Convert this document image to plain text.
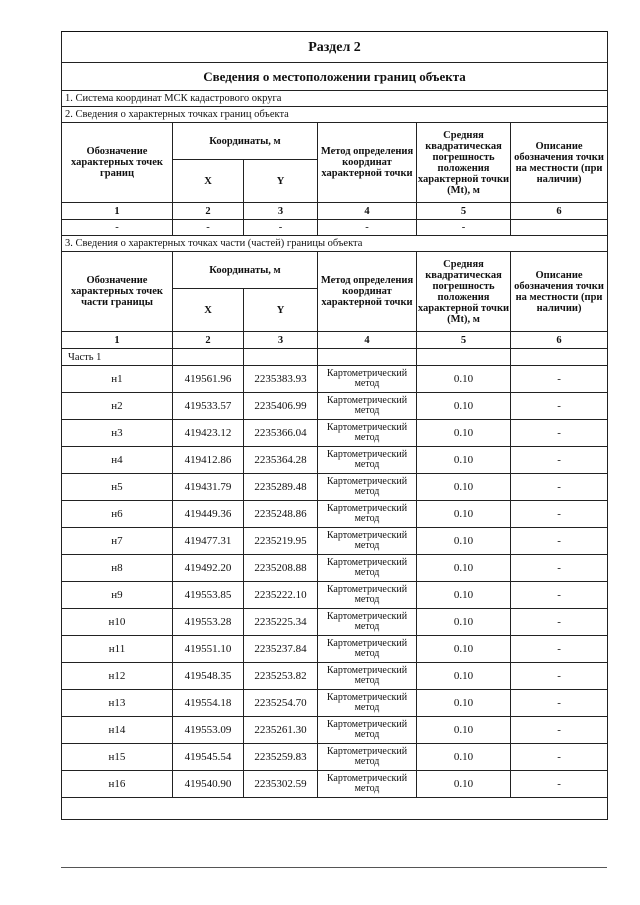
Раздел 2					
Сведения о местоположении границ объекта					
1. Система координат МСК кадастрового округа					
2. Сведения о характерных точках границ объекта					
Обозначение характерных точек границ	Координаты, м		Метод определения координат характерной точки	Средняя квадратическая погрешность положения характерной точки (Mt), м	Описание обозначения точки на местности (при наличии)
	X	Y			
1	2	3	4	5	6
-	-	-	-	-	
3. Сведения о характерных точках части (частей) границы объекта					
Обозначение характерных точек части границы	Координаты, м		Метод определения координат характерной точки	Средняя квадратическая погрешность положения характерной точки (Mt), м	Описание обозначения точки на местности (при наличии)
	X	Y			
1	2	3	4	5	6
Часть 1					
н1	419561.96	2235383.93	Картометрический метод	0.10	-
н2	419533.57	2235406.99	Картометрический метод	0.10	-
н3	419423.12	2235366.04	Картометрический метод	0.10	-
н4	419412.86	2235364.28	Картометрический метод	0.10	-
н5	419431.79	2235289.48	Картометрический метод	0.10	-
н6	419449.36	2235248.86	Картометрический метод	0.10	-
н7	419477.31	2235219.95	Картометрический метод	0.10	-
н8	419492.20	2235208.88	Картометрический метод	0.10	-
н9	419553.85	2235222.10	Картометрический метод	0.10	-
н10	419553.28	2235225.34	Картометрический метод	0.10	-
н11	419551.10	2235237.84	Картометрический метод	0.10	-
н12	419548.35	2235253.82	Картометрический метод	0.10	-
н13	419554.18	2235254.70	Картометрический метод	0.10	-
н14	419553.09	2235261.30	Картометрический метод	0.10	-
н15	419545.54	2235259.83	Картометрический метод	0.10	-
н16	419540.90	2235302.59	Картометрический метод	0.10	-
